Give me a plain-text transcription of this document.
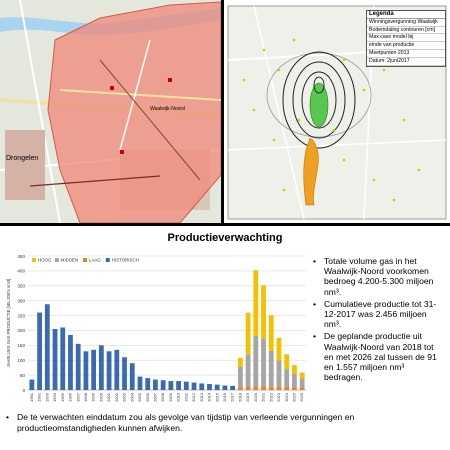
Drongelen
Waalwijk-Noord
Legenda
Winningsvergunning Waalwijk
Bodemdaling contouren [cm]
Max case model bij
einde van productie
Meetpunten 2013
Datum: 2juni2017
Productieverwachting
0
50
100
150
200
250
300
350
400
450
JAARLIJKS GAS PRODUCTIE [MILJOEN nm3]
1991 1992 1993 1994 1995 1996 1997 1998 1999 2000 2001 2002 2003 2004 2005 2006 2007 2008 2009 2010 2011 2012 2013 2014 2015 2016 2017 2018 2019 2020 2021 2022 2023 2024 2025 2026
HOOG MIDDEN LAAG	HISTORISCH
•	Totale volume gas in het Waalwijk-Noord voorkomen bedroeg 4.200-5.300 miljoen nm³.
• Cumulatieve productie tot 31-12-2017 was 2.456 miljoen nm³.
• De geplande productie uit Waalwijk-Noord van 2018 tot en met 2026 zal tussen de 91 en 1.557 miljoen nm³ bedragen.
• De te verwachten einddatum zou als gevolge van tijdstip van verleende vergunningen en productieomstandigheden kunnen afwijken.
